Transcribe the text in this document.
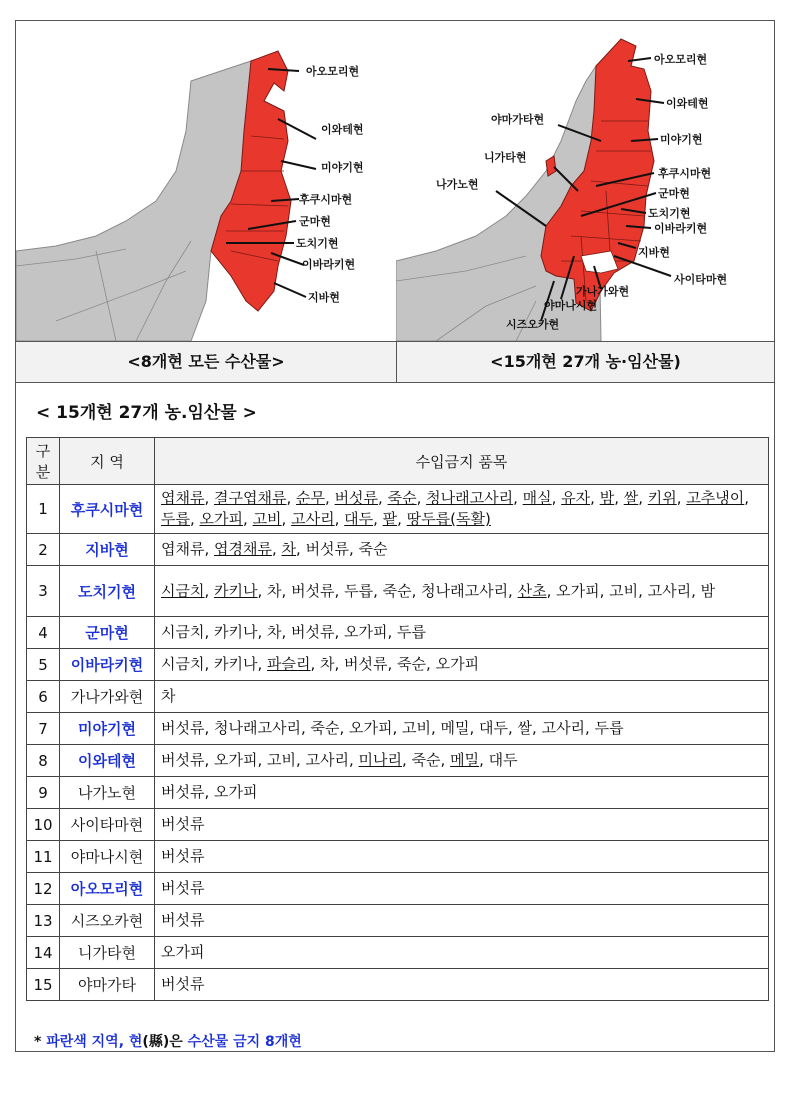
아오모리현
이와테현
미야기현
후쿠시마현
군마현
도치기현
이바라키현
지바현
아오모리현
이와테현
야마가타현
미야기현
니가타현
나가노현
후쿠시마현
군마현
도치기현
이바라키현
지바현
사이타마현
가나가와현
야마나시현
시즈오카현
<8개현 모든 수산물>	<15개현 27개 농·임산물)
< 15개현 27개 농.임산물 >
구분	지 역	수입금지 품목
1	후쿠시마현	엽채류, 결구엽채류, 순무, 버섯류, 죽순, 청나래고사리, 매실, 유자, 밤, 쌀, 키위, 고추냉이, 두릅, 오가피, 고비, 고사리, 대두, 팥, 땅두릅(독활)
2	지바현	엽채류, 엽경채류, 차, 버섯류, 죽순
3	도치기현	시금치, 카키나, 차, 버섯류, 두릅, 죽순, 청나래고사리, 산초, 오가피, 고비, 고사리, 밤
4	군마현	시금치, 카키나, 차, 버섯류, 오가피, 두릅
5	이바라키현	시금치, 카키나, 파슬리, 차, 버섯류, 죽순, 오가피
6	가나가와현	차
7	미야기현	버섯류, 청나래고사리, 죽순, 오가피, 고비, 메밀, 대두, 쌀, 고사리, 두릅
8	이와테현	버섯류, 오가피, 고비, 고사리, 미나리, 죽순, 메밀, 대두
9	나가노현	버섯류, 오가피
10	사이타마현	버섯류
11	야마나시현	버섯류
12	아오모리현	버섯류
13	시즈오카현	버섯류
14	니가타현	오가피
15	야마가타	버섯류
* 파란색 지역, 현(縣)은 수산물 금지 8개현
